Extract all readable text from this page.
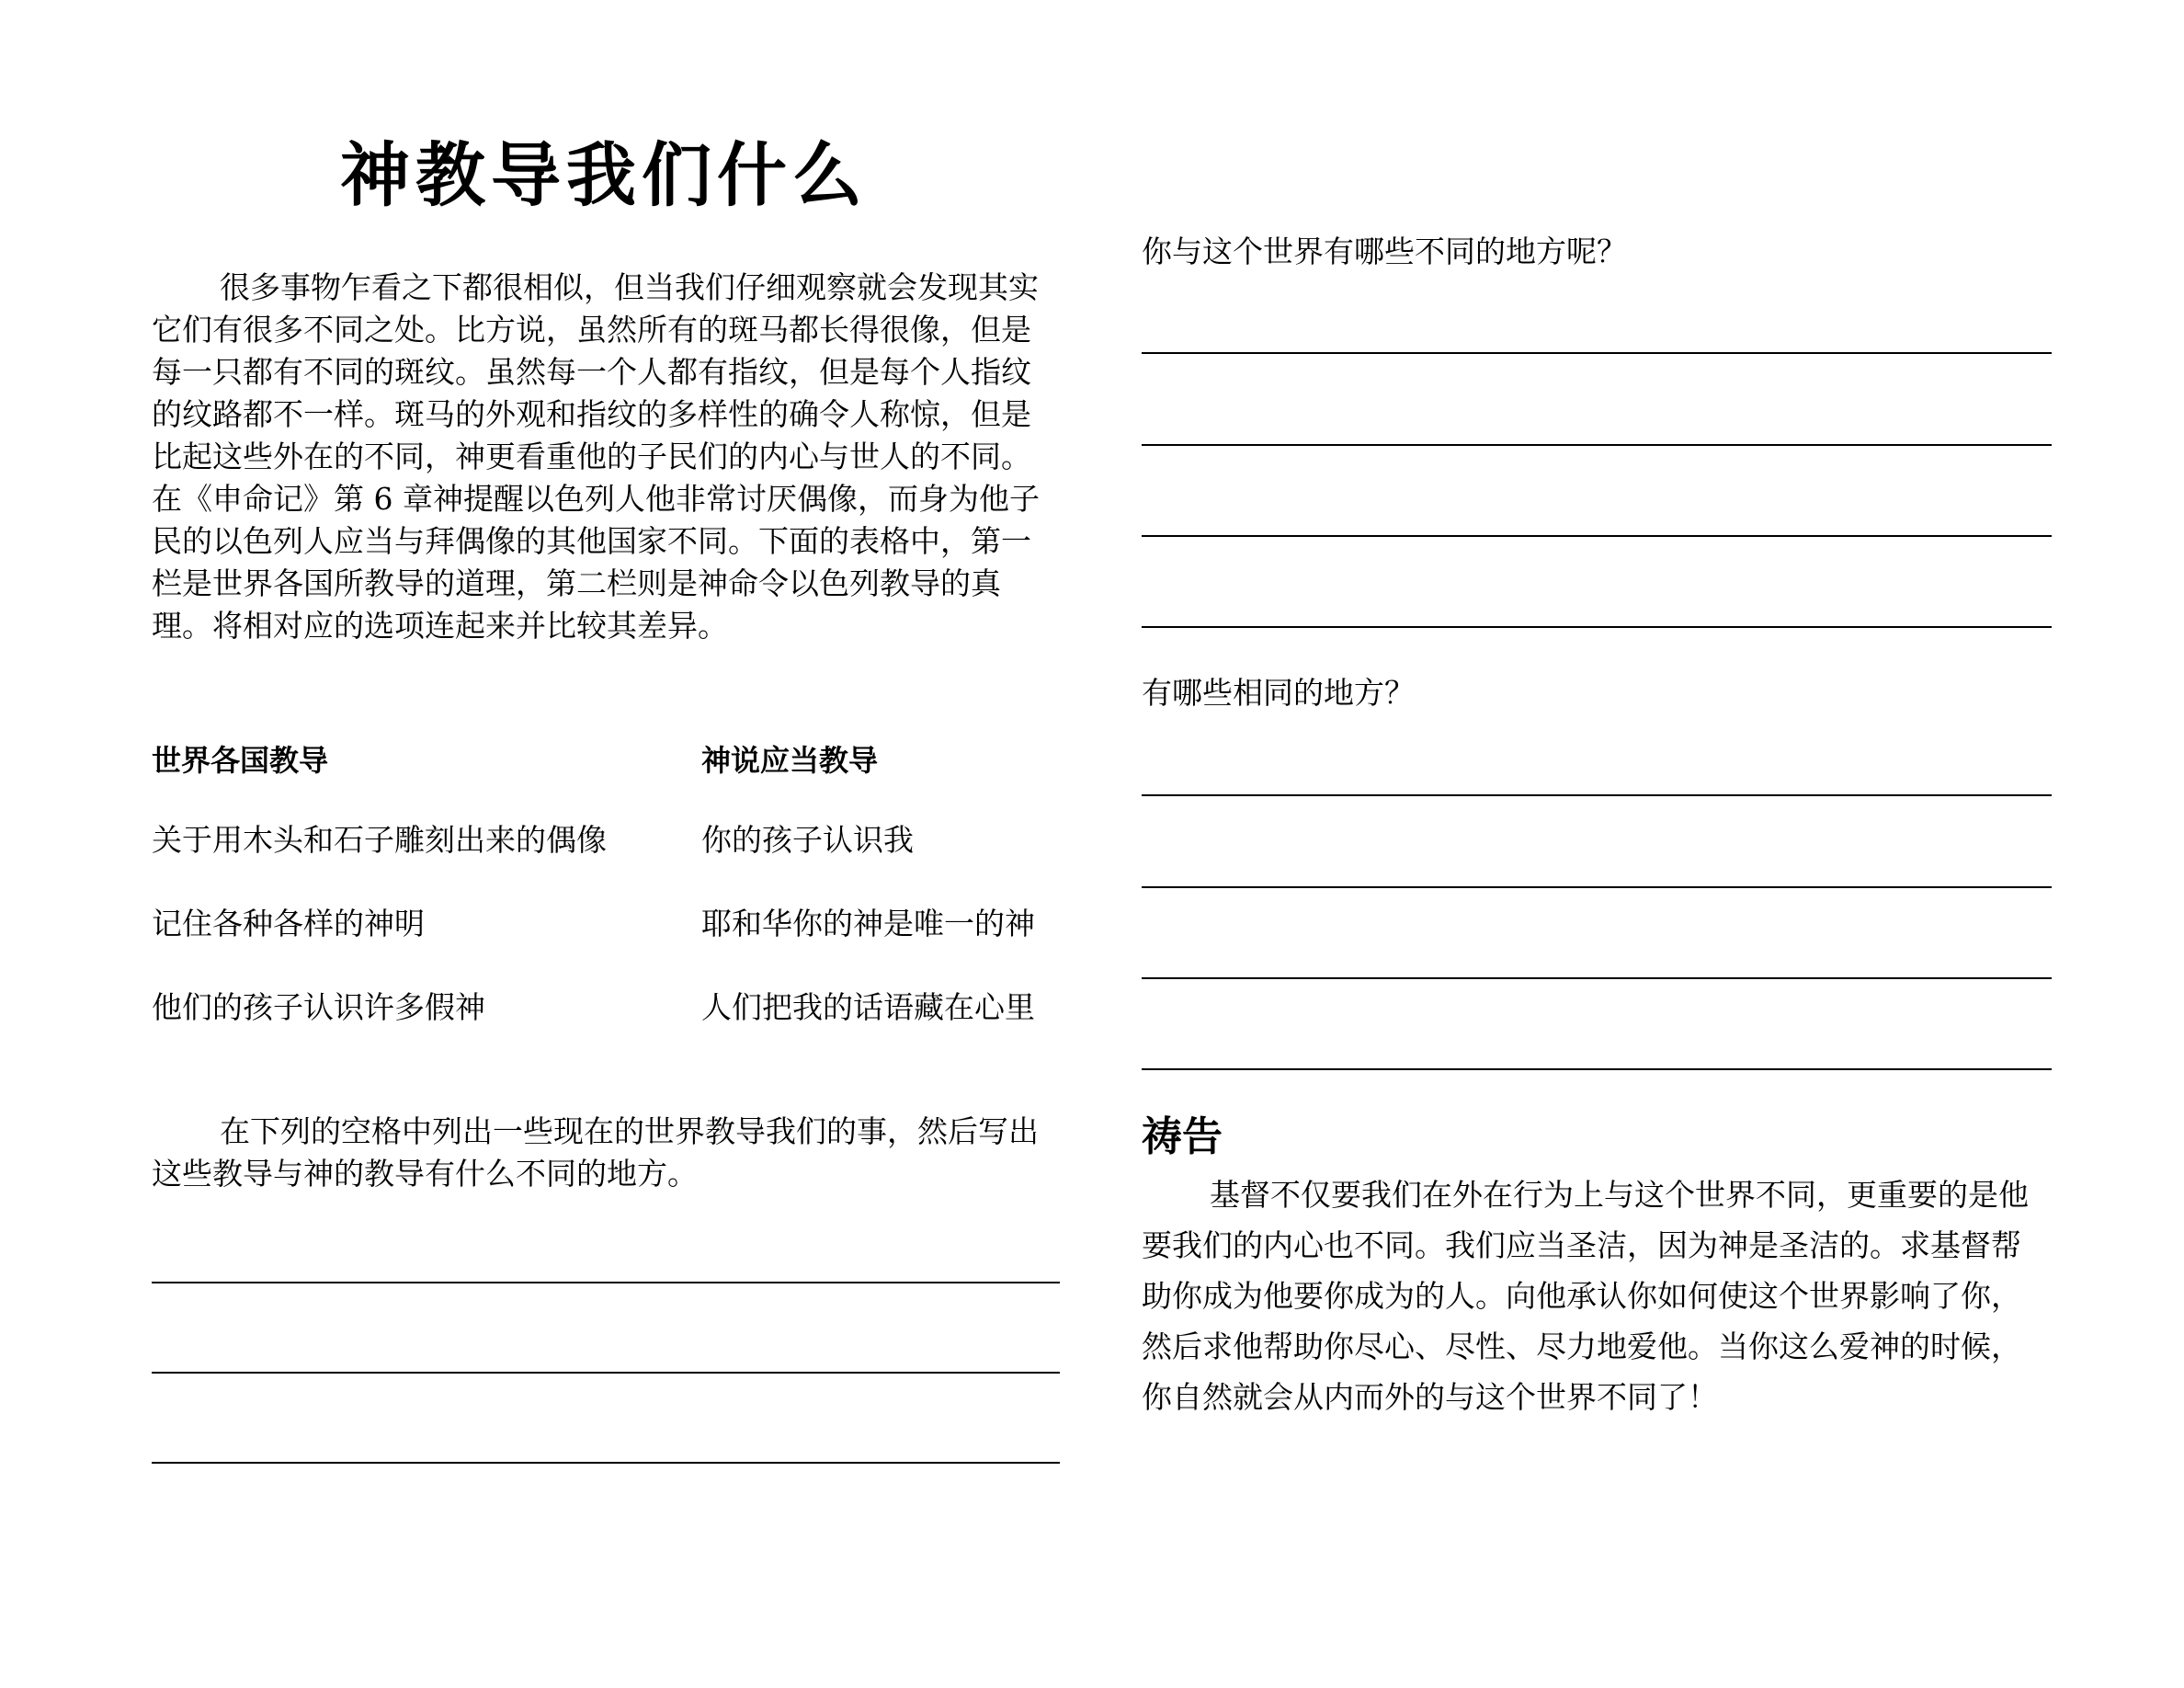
神教导我们什么

很多事物乍看之下都很相似，但当我们仔细观察就会发现其实它们有很多不同之处。比方说，虽然所有的斑马都长得很像，但是每一只都有不同的斑纹。虽然每一个人都有指纹，但是每个人指纹的纹路都不一样。斑马的外观和指纹的多样性的确令人称惊，但是比起这些外在的不同，神更看重他的子民们的内心与世人的不同。在《申命记》第 6 章神提醒以色列人他非常讨厌偶像，而身为他子民的以色列人应当与拜偶像的其他国家不同。下面的表格中，第一栏是世界各国所教导的道理，第二栏则是神命令以色列教导的真理。将相对应的选项连起来并比较其差异。

世界各国教导	神说应当教导
关于用木头和石子雕刻出来的偶像	你的孩子认识我
记住各种各样的神明	耶和华你的神是唯一的神
他们的孩子认识许多假神	人们把我的话语藏在心里

在下列的空格中列出一些现在的世界教导我们的事，然后写出这些教导与神的教导有什么不同的地方。

你与这个世界有哪些不同的地方呢？
有哪些相同的地方？
祷告

基督不仅要我们在外在行为上与这个世界不同，更重要的是他要我们的内心也不同。我们应当圣洁，因为神是圣洁的。求基督帮助你成为他要你成为的人。向他承认你如何使这个世界影响了你，然后求他帮助你尽心、尽性、尽力地爱他。当你这么爱神的时候，你自然就会从内而外的与这个世界不同了！
